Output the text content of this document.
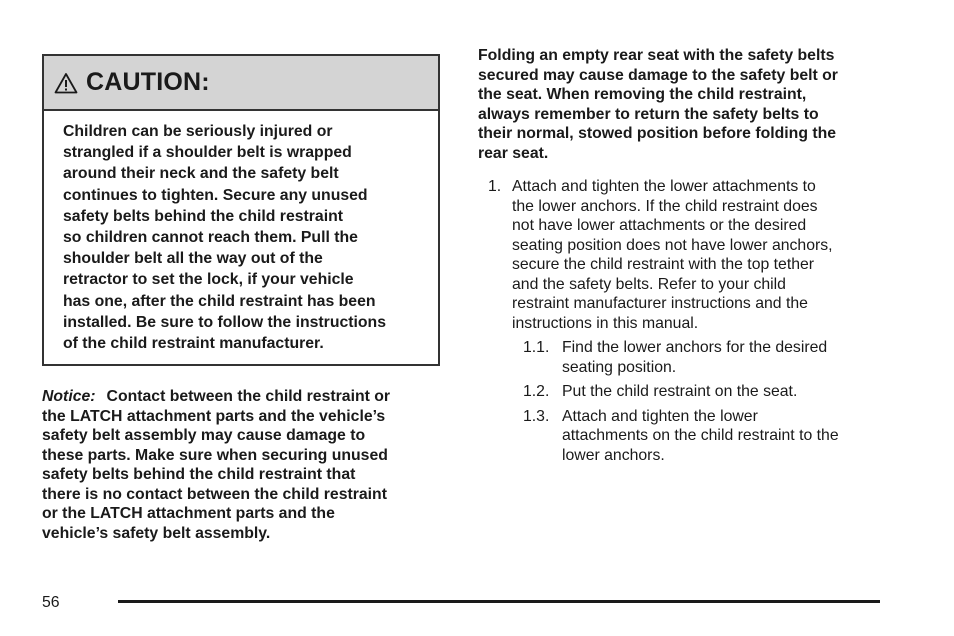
CAUTION:
Children can be seriously injured or
strangled if a shoulder belt is wrapped
around their neck and the safety belt
continues to tighten. Secure any unused
safety belts behind the child restraint
so children cannot reach them. Pull the
shoulder belt all the way out of the
retractor to set the lock, if your vehicle
has one, after the child restraint has been
installed. Be sure to follow the instructions
of the child restraint manufacturer.
Notice: Contact between the child restraint or
the LATCH attachment parts and the vehicle’s
safety belt assembly may cause damage to
these parts. Make sure when securing unused
safety belts behind the child restraint that
there is no contact between the child restraint
or the LATCH attachment parts and the
vehicle’s safety belt assembly.
Folding an empty rear seat with the safety belts
secured may cause damage to the safety belt or
the seat. When removing the child restraint,
always remember to return the safety belts to
their normal, stowed position before folding the
rear seat.
1. Attach and tighten the lower attachments to
the lower anchors. If the child restraint does
not have lower attachments or the desired
seating position does not have lower anchors,
secure the child restraint with the top tether
and the safety belts. Refer to your child
restraint manufacturer instructions and the
instructions in this manual.
1.1. Find the lower anchors for the desired
seating position.
1.2. Put the child restraint on the seat.
1.3. Attach and tighten the lower
attachments on the child restraint to the
lower anchors.
56
